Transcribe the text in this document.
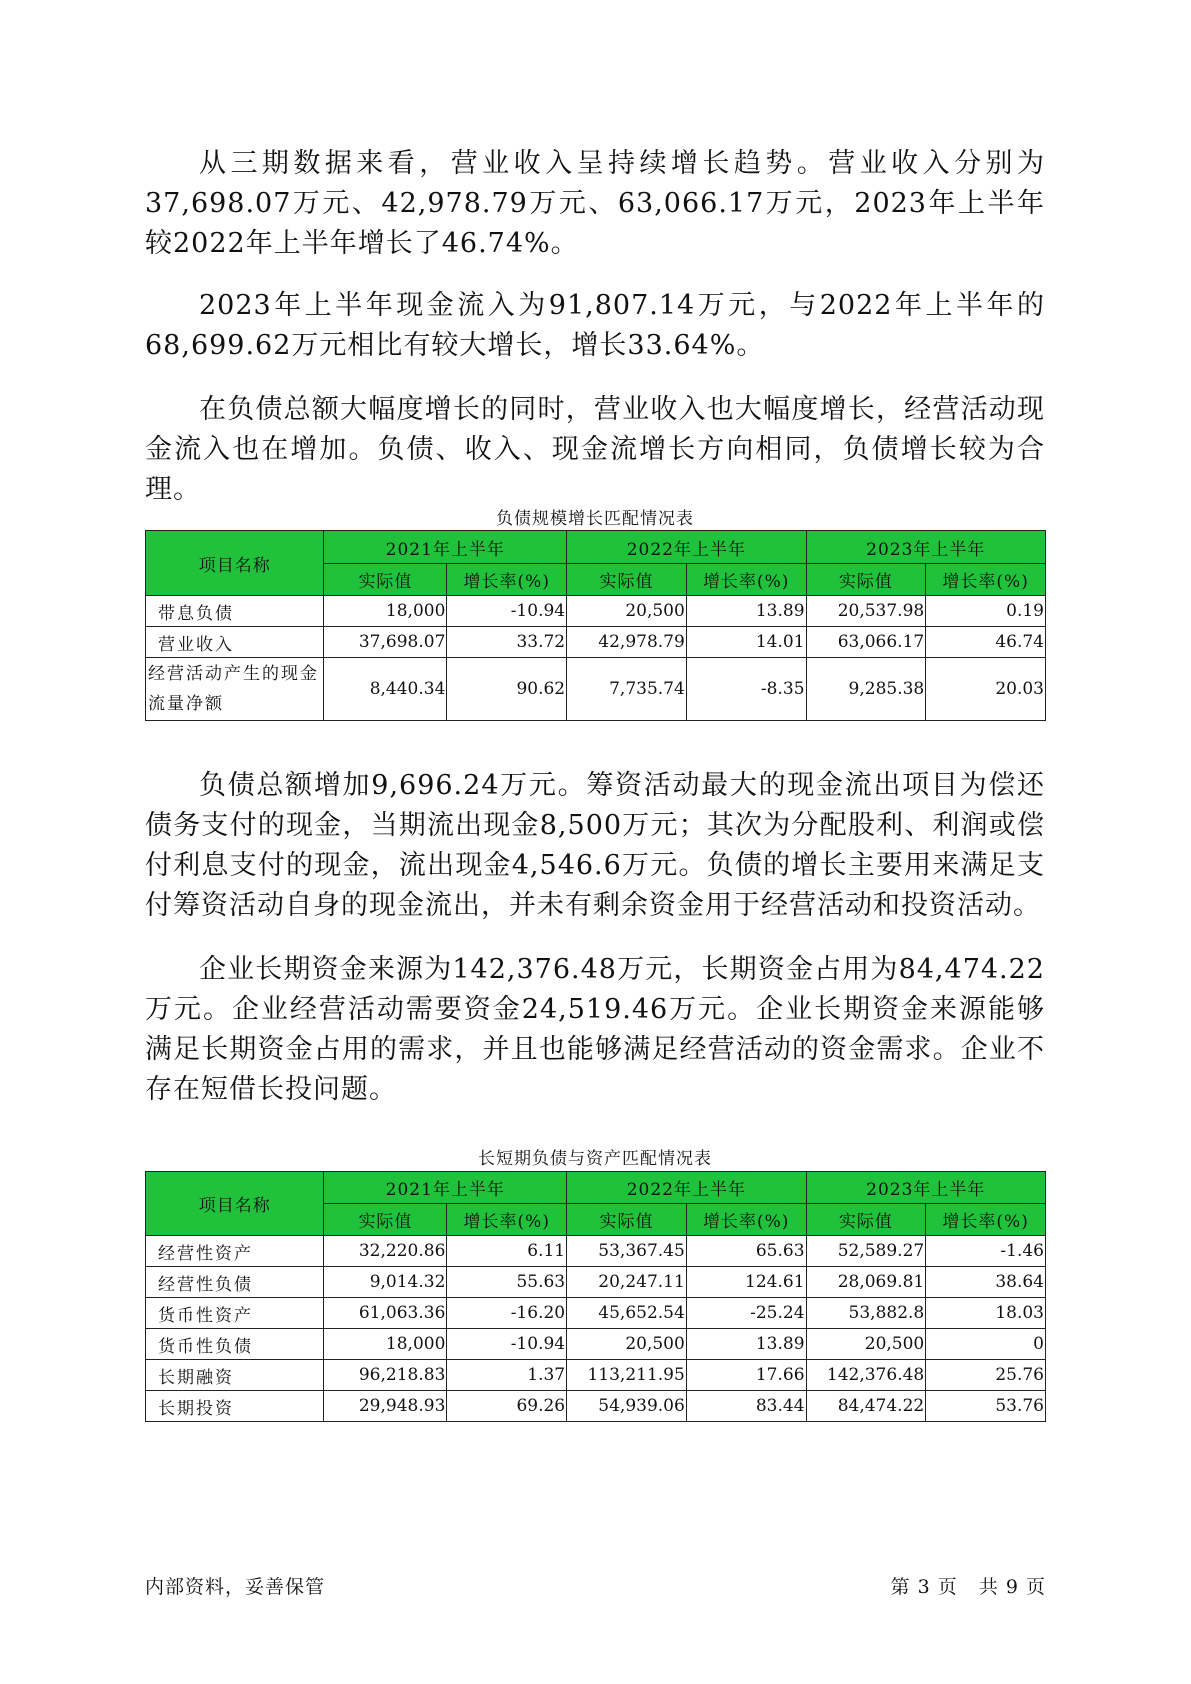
从三期数据来看，营业收入呈持续增长趋势。营业收入分别为37,698.07万元、42,978.79万元、63,066.17万元，2023年上半年较2022年上半年增长了46.74%。

2023年上半年现金流入为91,807.14万元，与2022年上半年的68,699.62万元相比有较大增长，增长33.64%。

在负债总额大幅度增长的同时，营业收入也大幅度增长，经营活动现金流入也在增加。负债、收入、现金流增长方向相同，负债增长较为合理。

负债规模增长匹配情况表
项目名称	2021年上半年		2022年上半年		2023年上半年	
	实际值	增长率(%)	实际值	增长率(%)	实际值	增长率(%)
带息负债	18,000	-10.94	20,500	13.89	20,537.98	0.19
营业收入	37,698.07	33.72	42,978.79	14.01	63,066.17	46.74
经营活动产生的现金流量净额	8,440.34	90.62	7,735.74	-8.35	9,285.38	20.03

负债总额增加9,696.24万元。筹资活动最大的现金流出项目为偿还债务支付的现金，当期流出现金8,500万元；其次为分配股利、利润或偿付利息支付的现金，流出现金4,546.6万元。负债的增长主要用来满足支付筹资活动自身的现金流出，并未有剩余资金用于经营活动和投资活动。

企业长期资金来源为142,376.48万元，长期资金占用为84,474.22万元。企业经营活动需要资金24,519.46万元。企业长期资金来源能够满足长期资金占用的需求，并且也能够满足经营活动的资金需求。企业不存在短借长投问题。

长短期负债与资产匹配情况表
项目名称	2021年上半年		2022年上半年		2023年上半年	
	实际值	增长率(%)	实际值	增长率(%)	实际值	增长率(%)
经营性资产	32,220.86	6.11	53,367.45	65.63	52,589.27	-1.46
经营性负债	9,014.32	55.63	20,247.11	124.61	28,069.81	38.64
货币性资产	61,063.36	-16.20	45,652.54	-25.24	53,882.8	18.03
货币性负债	18,000	-10.94	20,500	13.89	20,500	0
长期融资	96,218.83	1.37	113,211.95	17.66	142,376.48	25.76
长期投资	29,948.93	69.26	54,939.06	83.44	84,474.22	53.76
内部资料，妥善保管	第 3 页   共 9 页
